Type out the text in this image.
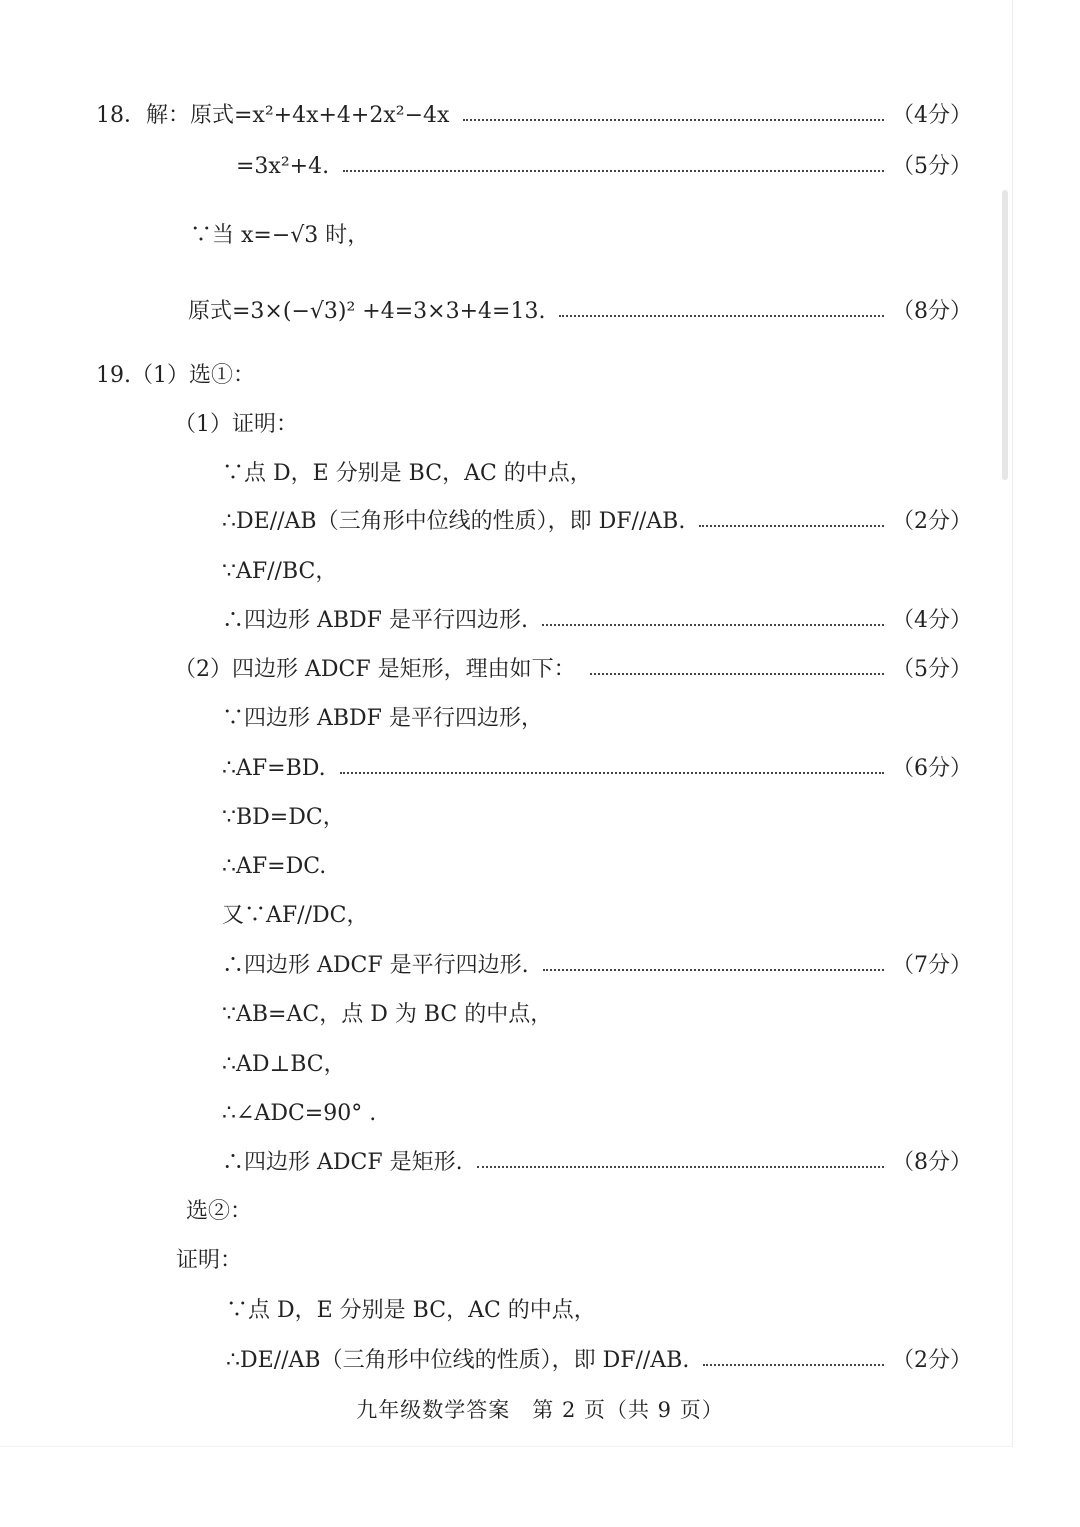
18． 解：原式=x²+4x+4+2x²−4x	（4分）
=3x²+4.	（5分）
∵当 x=−√3 时，
原式=3×(−√3)² +4=3×3+4=13.	（8分）
19.（1）选①：
（1）证明：
∵点 D，E 分别是 BC，AC 的中点，
∴DE//AB（三角形中位线的性质），即 DF//AB.	（2分）
∵AF//BC，
∴四边形 ABDF 是平行四边形.	（4分）
（2）四边形 ADCF 是矩形，理由如下：	（5分）
∵四边形 ABDF 是平行四边形，
∴AF=BD.	（6分）
∵BD=DC，
∴AF=DC.
又∵AF//DC，
∴四边形 ADCF 是平行四边形.	（7分）
∵AB=AC，点 D 为 BC 的中点，
∴AD⊥BC，
∴∠ADC=90° .
∴四边形 ADCF 是矩形.	（8分）
选②：
证明：
∵点 D，E 分别是 BC，AC 的中点，
∴DE//AB（三角形中位线的性质），即 DF//AB.	（2分）
九年级数学答案　第 2 页（共 9 页）
